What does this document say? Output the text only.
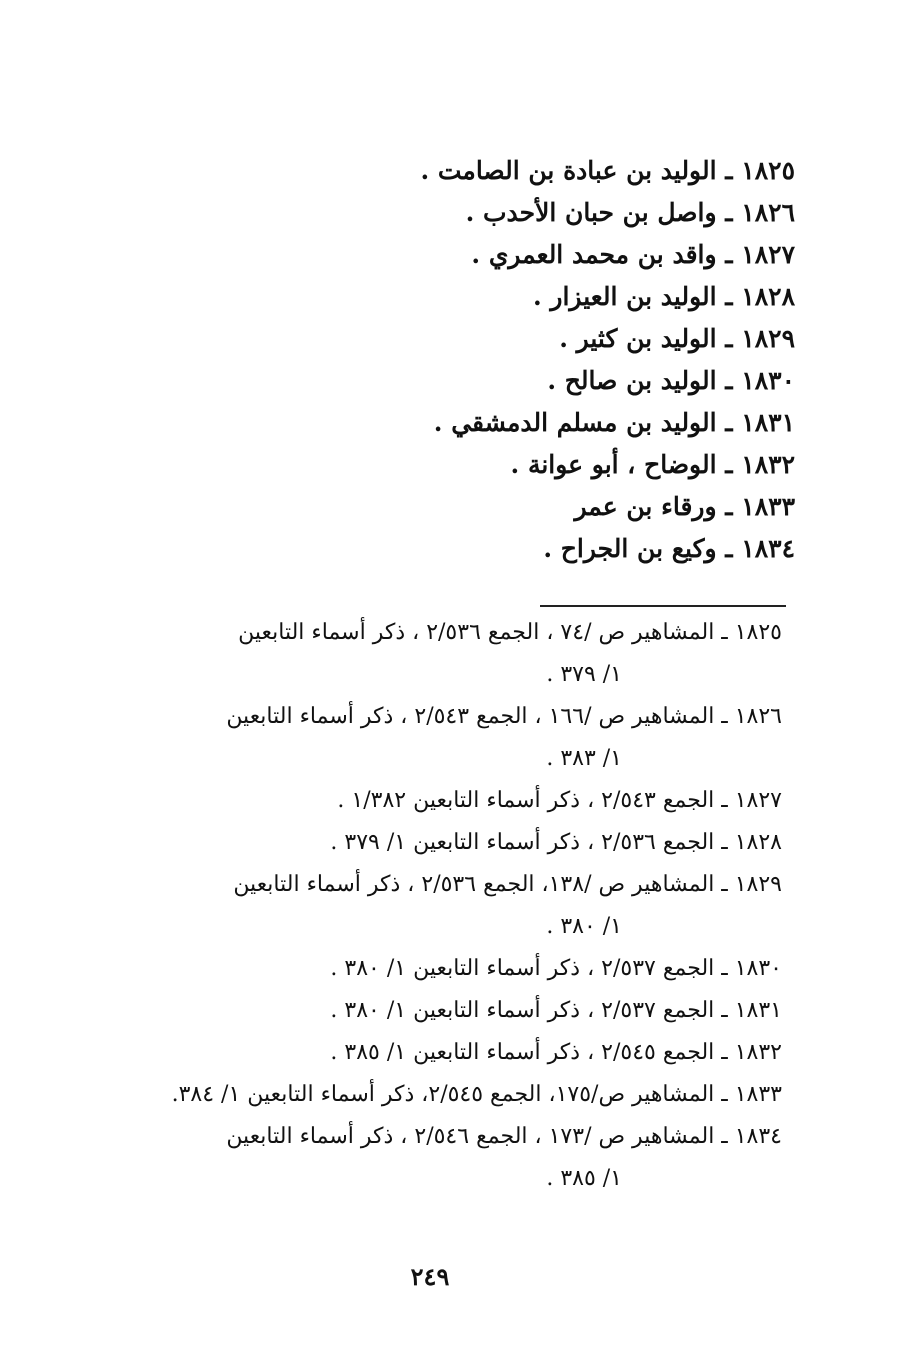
١٨٢٥ ـ الوليد بن عبادة بن الصامت .
١٨٢٦ ـ واصل بن حبان الأحدب .
١٨٢٧ ـ واقد بن محمد العمري .
١٨٢٨ ـ الوليد بن العيزار .
١٨٢٩ ـ الوليد بن كثير .
١٨٣٠ ـ الوليد بن صالح .
١٨٣١ ـ الوليد بن مسلم الدمشقي .
١٨٣٢ ـ الوضاح ، أبو عوانة .
١٨٣٣ ـ ورقاء بن عمر
١٨٣٤ ـ وكيع بن الجراح .
١٨٢٥ ـ المشاهير ص /٧٤ ، الجمع ٢/٥٣٦ ، ذكر أسماء التابعين
١/ ٣٧٩ .
١٨٢٦ ـ المشاهير ص /١٦٦ ، الجمع ٢/٥٤٣ ، ذكر أسماء التابعين
١/ ٣٨٣ .
١٨٢٧ ـ الجمع ٢/٥٤٣ ، ذكر أسماء التابعين ١/٣٨٢ .
١٨٢٨ ـ الجمع ٢/٥٣٦ ، ذكر أسماء التابعين ١/ ٣٧٩ .
١٨٢٩ ـ المشاهير ص /١٣٨، الجمع ٢/٥٣٦ ، ذكر أسماء التابعين
١/ ٣٨٠ .
١٨٣٠ ـ الجمع ٢/٥٣٧ ، ذكر أسماء التابعين ١/ ٣٨٠ .
١٨٣١ ـ الجمع ٢/٥٣٧ ، ذكر أسماء التابعين ١/ ٣٨٠ .
١٨٣٢ ـ الجمع ٢/٥٤٥ ، ذكر أسماء التابعين ١/ ٣٨٥ .
١٨٣٣ ـ المشاهير ص/١٧٥، الجمع ٢/٥٤٥، ذكر أسماء التابعين ١/ ٣٨٤.
١٨٣٤ ـ المشاهير ص /١٧٣ ، الجمع ٢/٥٤٦ ، ذكر أسماء التابعين
١/ ٣٨٥ .
٢٤٩
